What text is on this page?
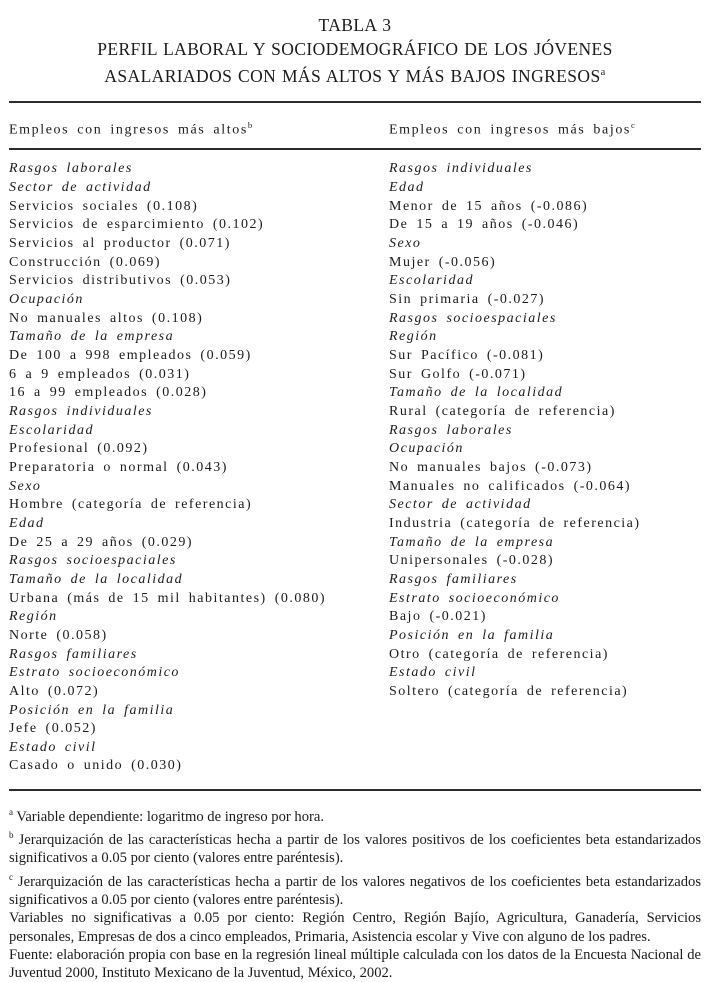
TABLA 3
PERFIL LABORAL Y SOCIODEMOGRÁFICO DE LOS JÓVENES
ASALARIADOS CON MÁS ALTOS Y MÁS BAJOS INGRESOS$^a$
Empleos con ingresos más altos$^b$	Empleos con ingresos más bajos$^c$
Rasgos laborales
Sector de actividad
Servicios sociales (0.108)
Servicios de esparcimiento (0.102)
Servicios al productor (0.071)
Construcción (0.069)
Servicios distributivos (0.053)
Ocupación
No manuales altos (0.108)
Tamaño de la empresa
De 100 a 998 empleados (0.059)
6 a 9 empleados (0.031)
16 a 99 empleados (0.028)
Rasgos individuales
Escolaridad
Profesional (0.092)
Preparatoria o normal (0.043)
Sexo
Hombre (categoría de referencia)
Edad
De 25 a 29 años (0.029)
Rasgos socioespaciales
Tamaño de la localidad
Urbana (más de 15 mil habitantes) (0.080)
Región
Norte (0.058)
Rasgos familiares
Estrato socioeconómico
Alto (0.072)
Posición en la familia
Jefe (0.052)
Estado civil
Casado o unido (0.030)
Rasgos individuales
Edad
Menor de 15 años (-0.086)
De 15 a 19 años (-0.046)
Sexo
Mujer (-0.056)
Escolaridad
Sin primaria (-0.027)
Rasgos socioespaciales
Región
Sur Pacífico (-0.081)
Sur Golfo (-0.071)
Tamaño de la localidad
Rural (categoría de referencia)
Rasgos laborales
Ocupación
No manuales bajos (-0.073)
Manuales no calificados (-0.064)
Sector de actividad
Industria (categoría de referencia)
Tamaño de la empresa
Unipersonales (-0.028)
Rasgos familiares
Estrato socioeconómico
Bajo (-0.021)
Posición en la familia
Otro (categoría de referencia)
Estado civil
Soltero (categoría de referencia)

$^a$ Variable dependiente: logaritmo de ingreso por hora.

$^b$ Jerarquización de las características hecha a partir de los valores positivos de los coeficientes beta estandarizados significativos a 0.05 por ciento (valores entre paréntesis).

$^c$ Jerarquización de las características hecha a partir de los valores negativos de los coeficientes beta estandarizados significativos a 0.05 por ciento (valores entre paréntesis).

Variables no significativas a 0.05 por ciento: Región Centro, Región Bajío, Agricultura, Ganadería, Servicios personales, Empresas de dos a cinco empleados, Primaria, Asistencia escolar y Vive con alguno de los padres.

Fuente: elaboración propia con base en la regresión lineal múltiple calculada con los datos de la Encuesta Nacional de Juventud 2000, Instituto Mexicano de la Juventud, México, 2002.
